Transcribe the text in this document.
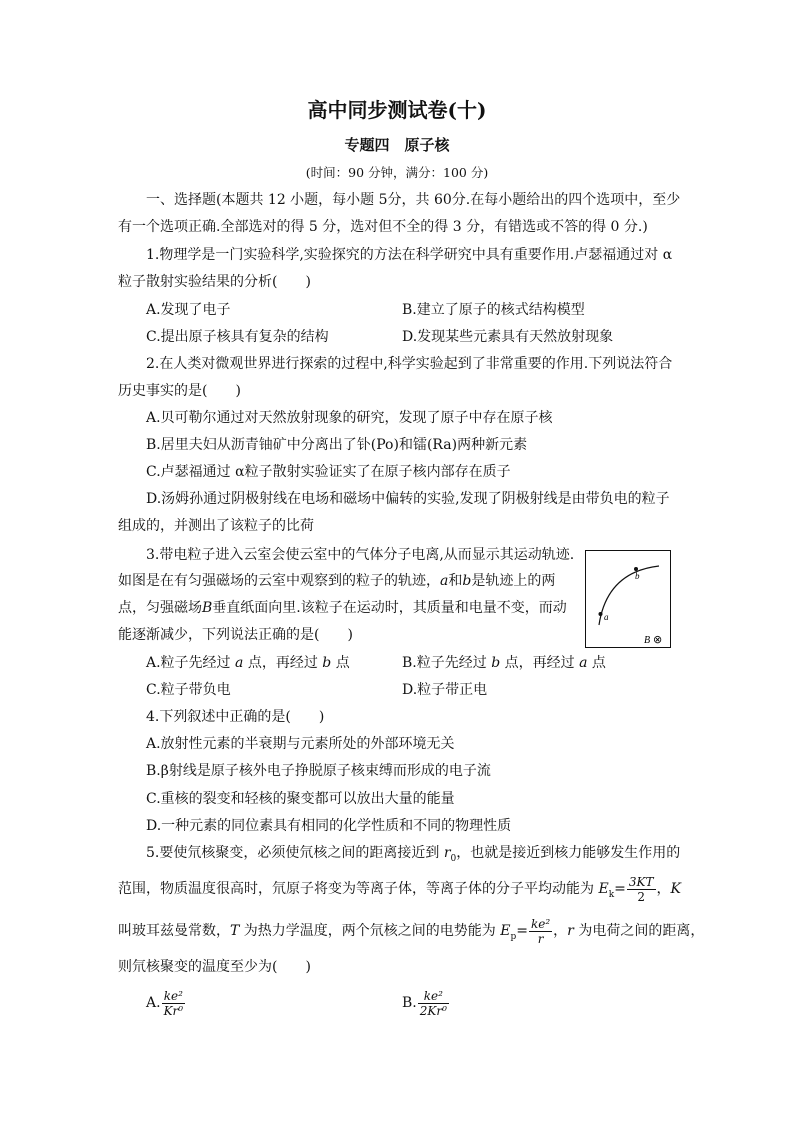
高中同步测试卷(十)
专题四　原子核
(时间：90 分钟，满分：100 分)
一、选择题(本题共 12 小题，每小题 5分，共 60分.在每小题给出的四个选项中，至少
有一个选项正确.全部选对的得 5 分，选对但不全的得 3 分，有错选或不答的得 0 分.)
1.物理学是一门实验科学,实验探究的方法在科学研究中具有重要作用.卢瑟福通过对 α
粒子散射实验结果的分析(　　)
A.发现了电子	B.建立了原子的核式结构模型
C.提出原子核具有复杂的结构	D.发现某些元素具有天然放射现象
2.在人类对微观世界进行探索的过程中,科学实验起到了非常重要的作用.下列说法符合
历史事实的是(　　)
A.贝可勒尔通过对天然放射现象的研究，发现了原子中存在原子核
B.居里夫妇从沥青铀矿中分离出了钋(Po)和镭(Ra)两种新元素
C.卢瑟福通过 α粒子散射实验证实了在原子核内部存在质子
D.汤姆孙通过阴极射线在电场和磁场中偏转的实验,发现了阴极射线是由带负电的粒子
组成的，并测出了该粒子的比荷
3.带电粒子进入云室会使云室中的气体分子电离,从而显示其运动轨迹.
如图是在有匀强磁场的云室中观察到的粒子的轨迹，a和b是轨迹上的两
点，匀强磁场B垂直纸面向里.该粒子在运动时，其质量和电量不变，而动
能逐渐减少，下列说法正确的是(　　)
a
b
B ⊗
A.粒子先经过 a 点，再经过 b 点	B.粒子先经过 b 点，再经过 a 点
C.粒子带负电	D.粒子带正电
4.下列叙述中正确的是(　　)
A.放射性元素的半衰期与元素所处的外部环境无关
B.β射线是原子核外电子挣脱原子核束缚而形成的电子流
C.重核的裂变和轻核的聚变都可以放出大量的能量
D.一种元素的同位素具有相同的化学性质和不同的物理性质
5.要使氘核聚变，必须使氘核之间的距离接近到 $r_0$，也就是接近到核力能够发生作用的
范围，物质温度很高时，氘原子将变为等离子体，等离子体的分子平均动能为 $E_k= \frac{3KT}{2}$ ，K
叫玻耳兹曼常数，T 为热力学温度，两个氘核之间的电势能为 $E_p= \frac{\text{ke²}}{r}$ ，r 为电荷之间的距离，
则氘核聚变的温度至少为(　　)
A. $\frac{\text{ke²}}{\text{Kr⁰}}$	B. $\frac{\text{ke²}}{\text{2Kr⁰}}$
